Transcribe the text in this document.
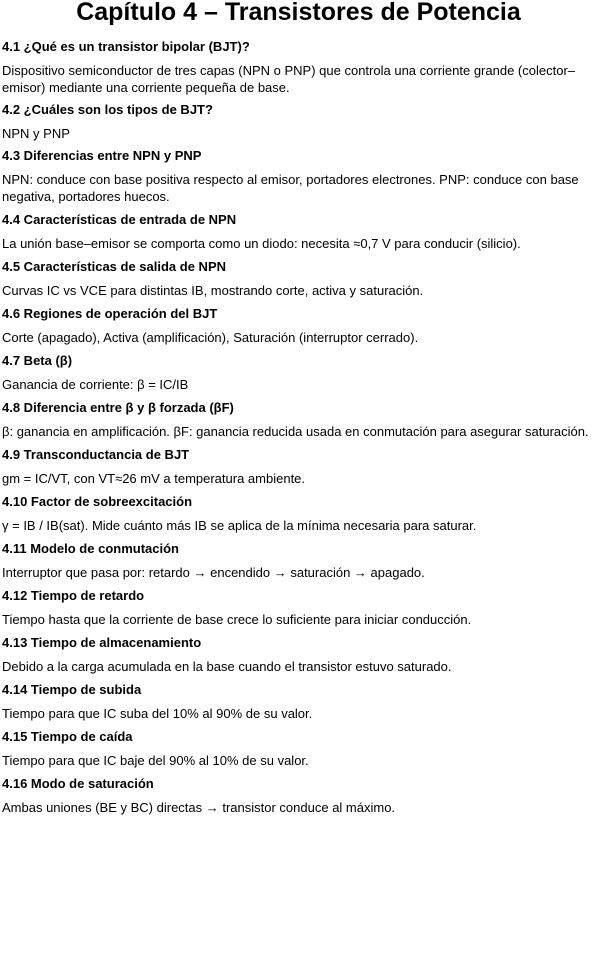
Capítulo 4 – Transistores de Potencia
4.1 ¿Qué es un transistor bipolar (BJT)?

Dispositivo semiconductor de tres capas (NPN o PNP) que controla una corriente grande (colector–emisor) mediante una corriente pequeña de base.

4.2 ¿Cuáles son los tipos de BJT?

NPN y PNP

4.3 Diferencias entre NPN y PNP

NPN: conduce con base positiva respecto al emisor, portadores electrones. PNP: conduce con base negativa, portadores huecos.

4.4 Características de entrada de NPN

La unión base–emisor se comporta como un diodo: necesita ≈0,7 V para conducir (silicio).

4.5 Características de salida de NPN

Curvas IC vs VCE para distintas IB, mostrando corte, activa y saturación.

4.6 Regiones de operación del BJT

Corte (apagado), Activa (amplificación), Saturación (interruptor cerrado).

4.7 Beta (β)

Ganancia de corriente: β = IC/IB

4.8 Diferencia entre β y β forzada (βF)

β: ganancia en amplificación. βF: ganancia reducida usada en conmutación para asegurar saturación.

4.9 Transconductancia de BJT

gm = IC/VT, con VT≈26 mV a temperatura ambiente.

4.10 Factor de sobreexcitación

γ = IB / IB(sat). Mide cuánto más IB se aplica de la mínima necesaria para saturar.

4.11 Modelo de conmutación

Interruptor que pasa por: retardo → encendido → saturación → apagado.

4.12 Tiempo de retardo

Tiempo hasta que la corriente de base crece lo suficiente para iniciar conducción.

4.13 Tiempo de almacenamiento

Debido a la carga acumulada en la base cuando el transistor estuvo saturado.

4.14 Tiempo de subida

Tiempo para que IC suba del 10% al 90% de su valor.

4.15 Tiempo de caída

Tiempo para que IC baje del 90% al 10% de su valor.

4.16 Modo de saturación

Ambas uniones (BE y BC) directas → transistor conduce al máximo.
